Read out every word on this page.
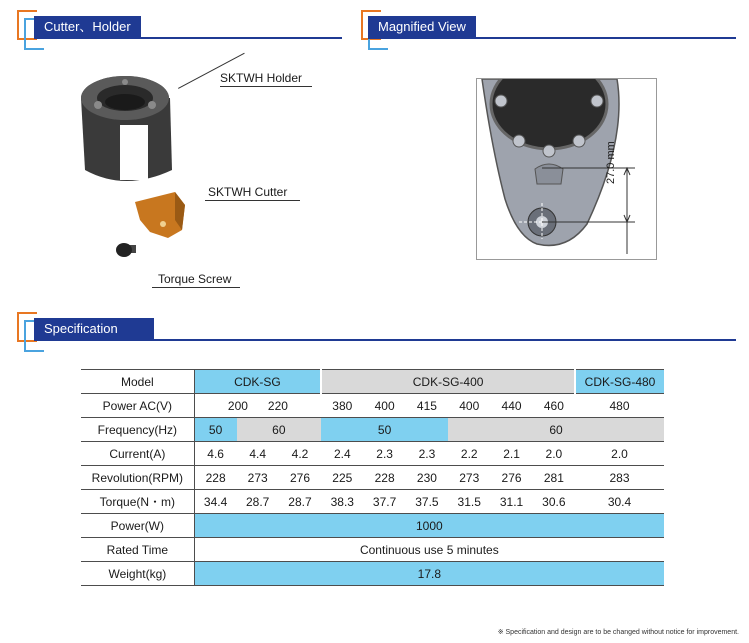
Cutter、Holder	Magnified View
SKTWH Holder
SKTWH Cutter
Torque Screw
27.0 mm
Specification
Model	CDK-SG			CDK-SG-400						CDK-SG-480
Power AC(V)	200 220			380	400	415	400	440	460	480
Frequency(Hz)	50	60		50			60			
Current(A)	4.6	4.4	4.2	2.4	2.3	2.3	2.2	2.1	2.0	2.0
Revolution(RPM)	228	273	276	225	228	230	273	276	281	283
Torque(N・m)	34.4	28.7	28.7	38.3	37.7	37.5	31.5	31.1	30.6	30.4
Power(W)	1000									
Rated Time	Continuous use 5 minutes									
Weight(kg)	17.8									
※ Specification and design are to be changed without notice for improvement.
